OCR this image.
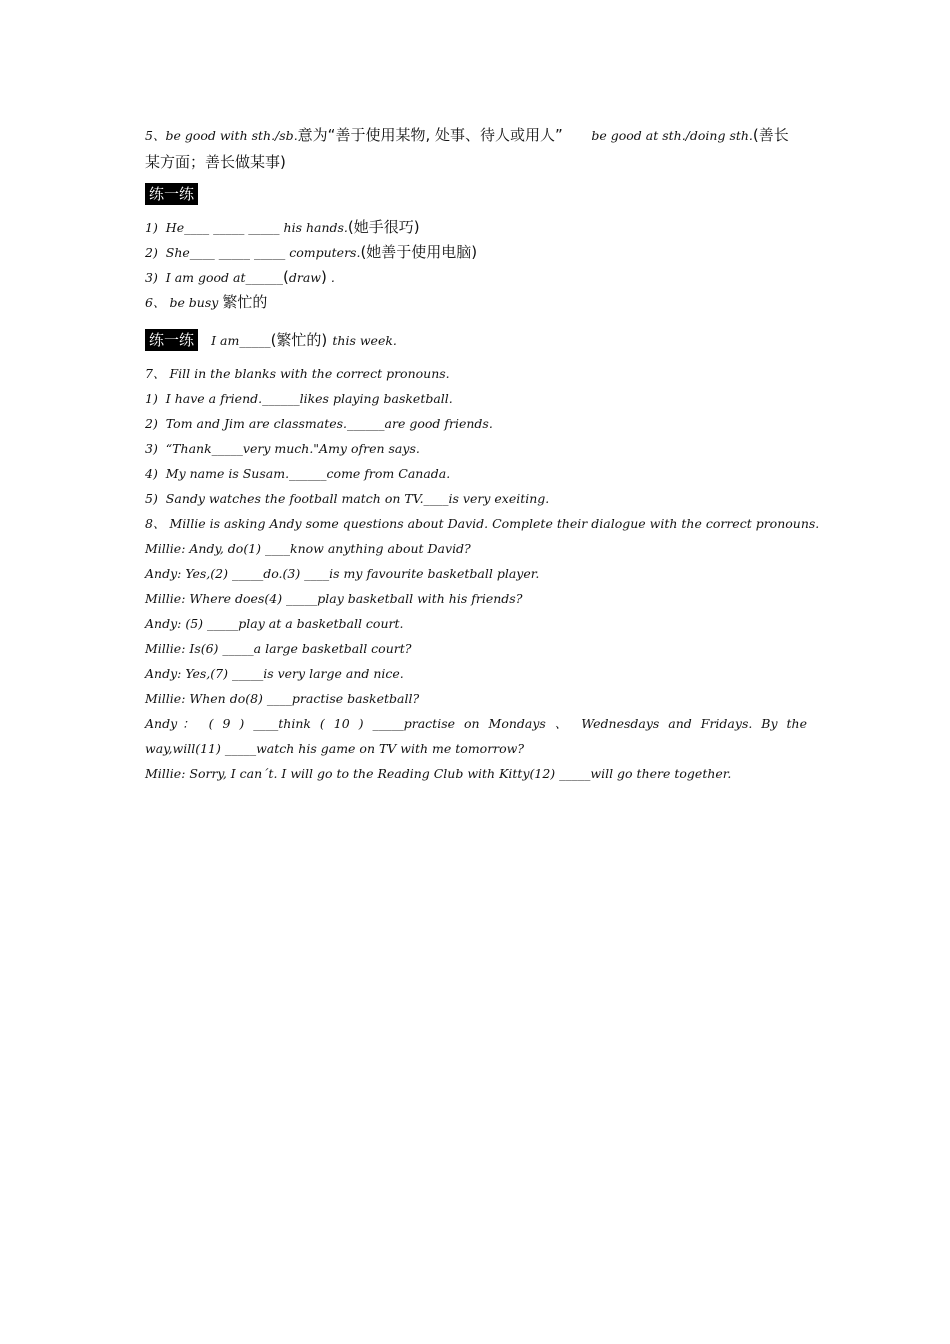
5、be good with sth./sb.意为“善于使用某物, 处事、待人或用人” be good at sth./doing sth.(善长
某方面；善长做某事)
练一练
1) He____ _____ _____ his hands.(她手很巧)
2) She____ _____ _____ computers.(她善于使用电脑)
3) I am good at______(draw) .
6、 be busy 繁忙的
练一练 I am_____(繁忙的) this week.
7、 Fill in the blanks with the correct pronouns.
1) I have a friend.______likes playing basketball.
2) Tom and Jim are classmates.______are good friends.
3) “Thank_____very much."Amy ofren says.
4) My name is Susam.______come from Canada.
5) Sandy watches the football match on TV.____is very exeiting.
8、 Millie is asking Andy some questions about David. Complete their dialogue with the correct pronouns.
Millie: Andy, do(1) ____know anything about David?
Andy: Yes,(2) _____do.(3) ____is my favourite basketball player.
Millie: Where does(4) _____play basketball with his friends?
Andy: (5) _____play at a basketball court.
Millie: Is(6) _____a large basketball court?
Andy: Yes,(7) _____is very large and nice.
Millie: When do(8) ____practise basketball?
Andy： ( 9 ) ____think ( 10 ) _____practise on Mondays 、 Wednesdays and Fridays. By the
way,will(11) _____watch his game on TV with me tomorrow?
Millie: Sorry, I can´t. I will go to the Reading Club with Kitty(12) _____will go there together.
